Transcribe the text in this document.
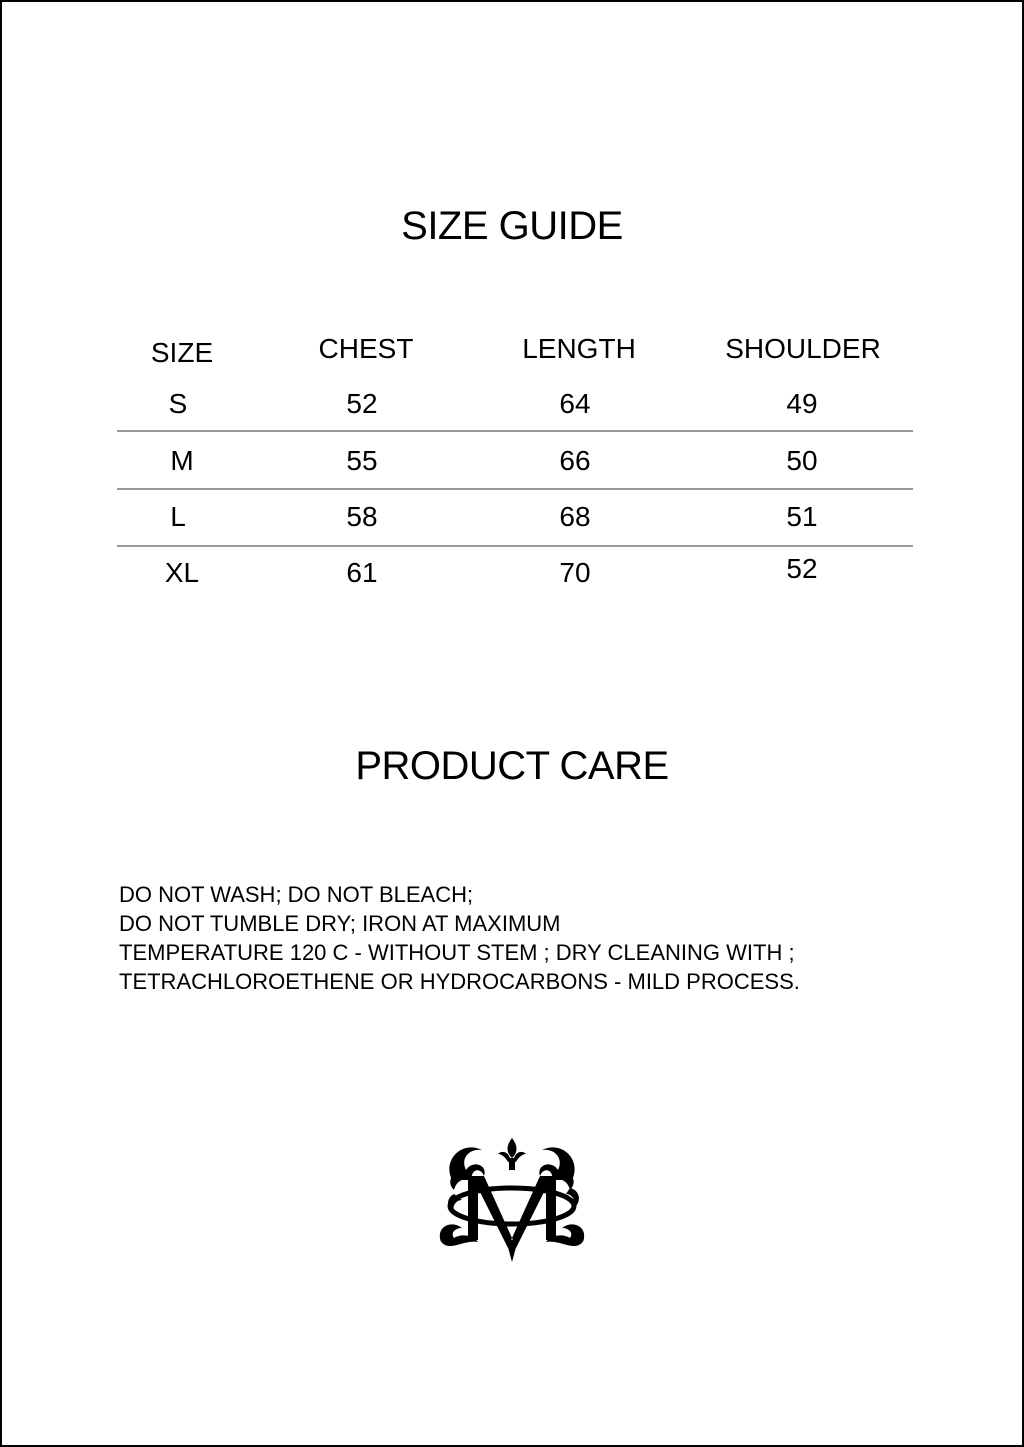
SIZE GUIDE
SIZE	CHEST	LENGTH	SHOULDER
S	52	64	49
M	55	66	50
L	58	68	51
XL	61	70	52
PRODUCT CARE
DO NOT WASH; DO NOT BLEACH;
DO NOT TUMBLE DRY; IRON AT MAXIMUM
TEMPERATURE 120 C - WITHOUT STEM ; DRY CLEANING WITH ;
TETRACHLOROETHENE OR HYDROCARBONS - MILD PROCESS.
